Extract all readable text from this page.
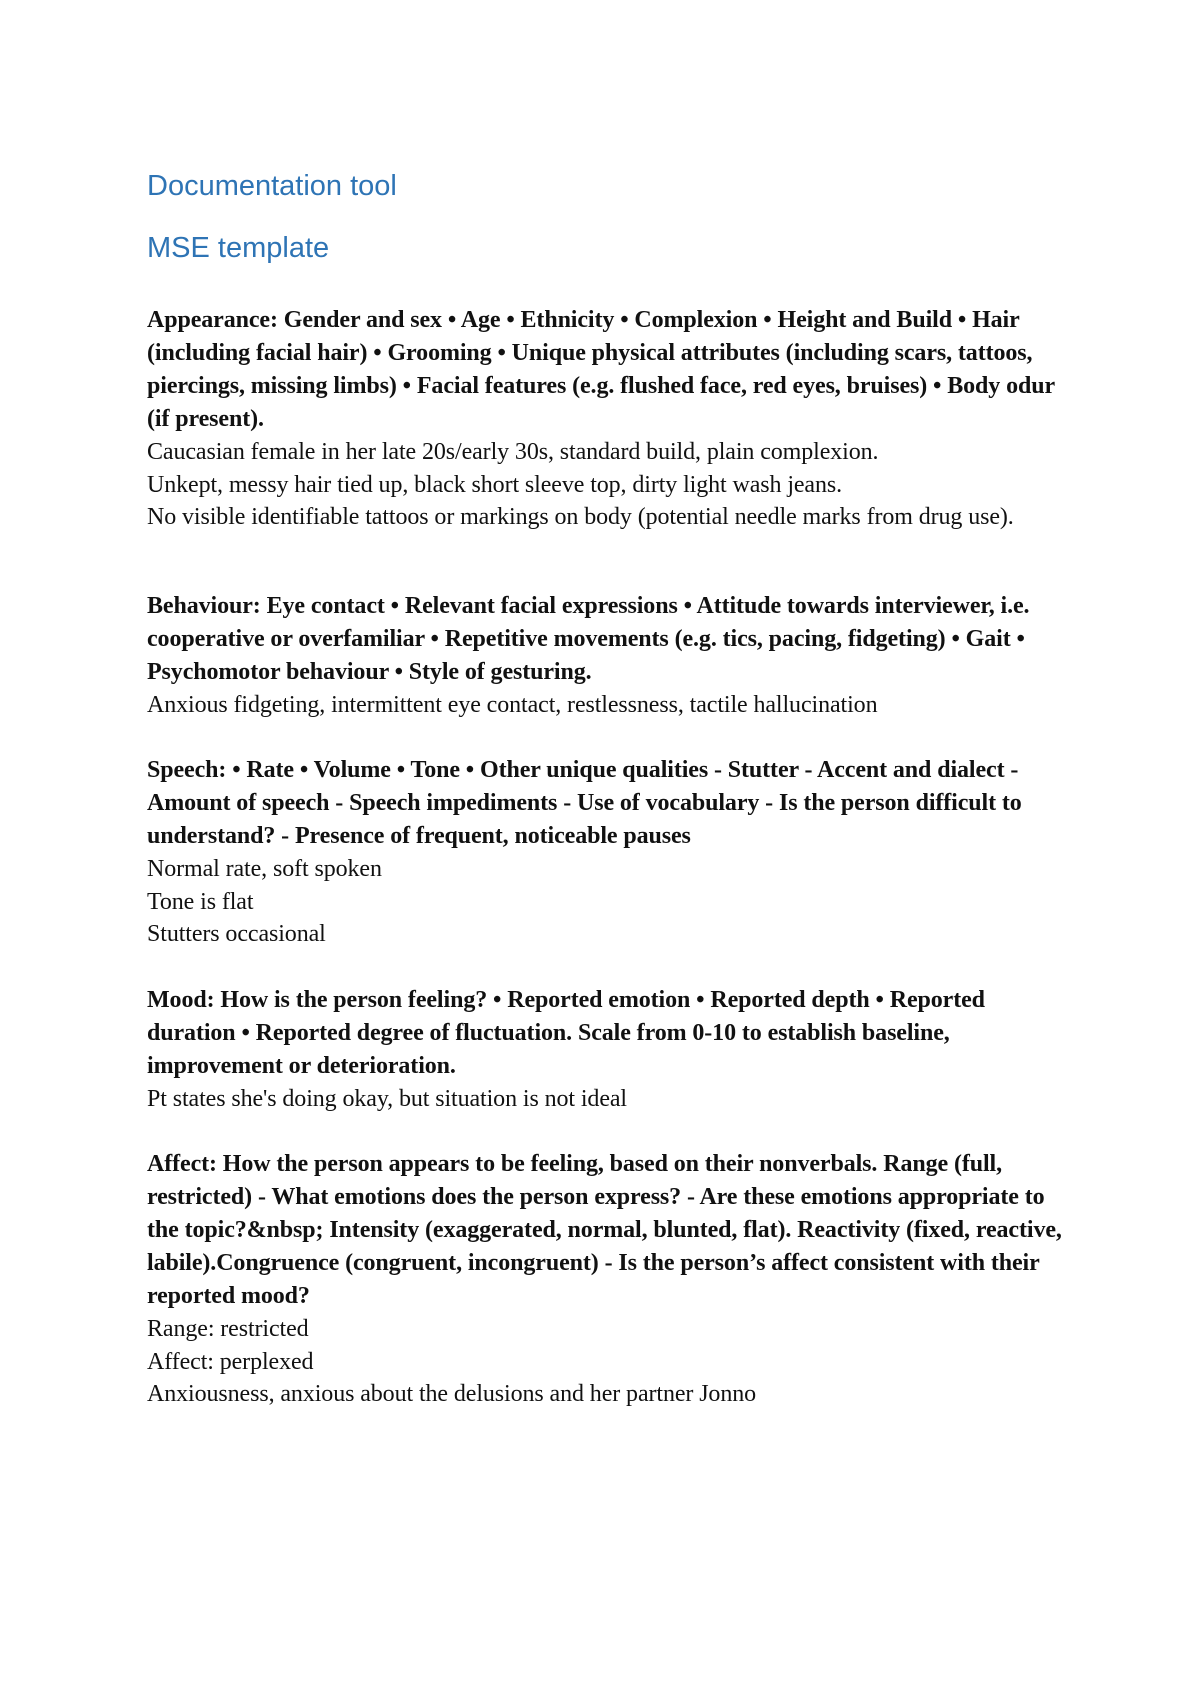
Documentation tool
MSE template

Appearance: Gender and sex • Age • Ethnicity • Complexion • Height and Build • Hair (including facial hair) • Grooming • Unique physical attributes (including scars, tattoos, piercings, missing limbs) • Facial features (e.g. flushed face, red eyes, bruises) • Body odur (if present).

Caucasian female in her late 20s/early 30s, standard build, plain complexion.

Unkept, messy hair tied up, black short sleeve top, dirty light wash jeans.

No visible identifiable tattoos or markings on body (potential needle marks from drug use).

Behaviour: Eye contact • Relevant facial expressions • Attitude towards interviewer, i.e. cooperative or overfamiliar • Repetitive movements (e.g. tics, pacing, fidgeting) • Gait • Psychomotor behaviour • Style of gesturing.

Anxious fidgeting, intermittent eye contact, restlessness, tactile hallucination

Speech: • Rate • Volume • Tone • Other unique qualities - Stutter - Accent and dialect - Amount of speech - Speech impediments - Use of vocabulary - Is the person difficult to understand? - Presence of frequent, noticeable pauses

Normal rate, soft spoken

Tone is flat

Stutters occasional

Mood: How is the person feeling? • Reported emotion • Reported depth • Reported duration • Reported degree of fluctuation. Scale from 0-10 to establish baseline, improvement or deterioration.

Pt states she's doing okay, but situation is not ideal

Affect: How the person appears to be feeling, based on their nonverbals. Range (full, restricted) - What emotions does the person express? - Are these emotions appropriate to the topic?&nbsp; Intensity (exaggerated, normal, blunted, flat). Reactivity (fixed, reactive, labile).Congruence (congruent, incongruent) - Is the person’s affect consistent with their reported mood?

Range: restricted

Affect: perplexed

Anxiousness, anxious about the delusions and her partner Jonno
